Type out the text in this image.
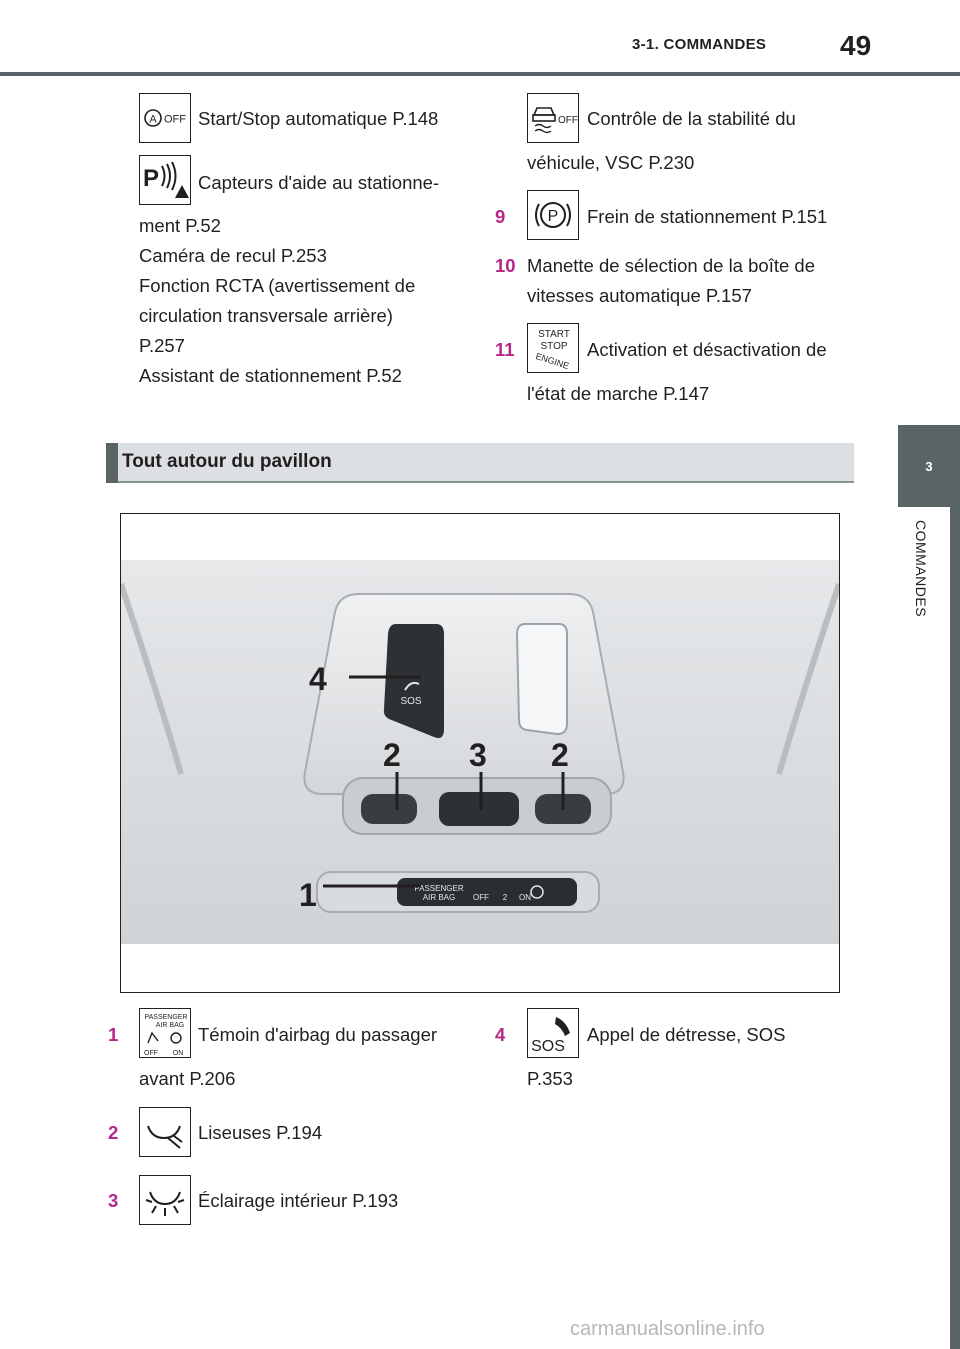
3-1. COMMANDES	49
3
COMMANDES
A OFF Start/Stop automatique P.148
P Capteurs d'aide au stationne-
ment P.52
Caméra de recul P.253
Fonction RCTA (avertissement de
circulation transversale arrière)
P.257
Assistant de stationnement P.52
OFF Contrôle de la stabilité du
véhicule, VSC P.230
9	P Frein de stationnement P.151
10 Manette de sélection de la boîte de
vitesses automatique P.157
11
START
STOP
ENGINE
Activation et désactivation de
l'état de marche P.147
Tout autour du pavillon
SOS
PASSENGER
AIR BAG OFF 2 ON
4
2 3 2
1
1
PASSENGER
AIR BAG
OFF ON
Témoin d'airbag du passager
avant P.206
2	Liseuses P.194
3	Éclairage intérieur P.193
4
SOS
Appel de détresse, SOS
P.353
carmanualsonline.info
